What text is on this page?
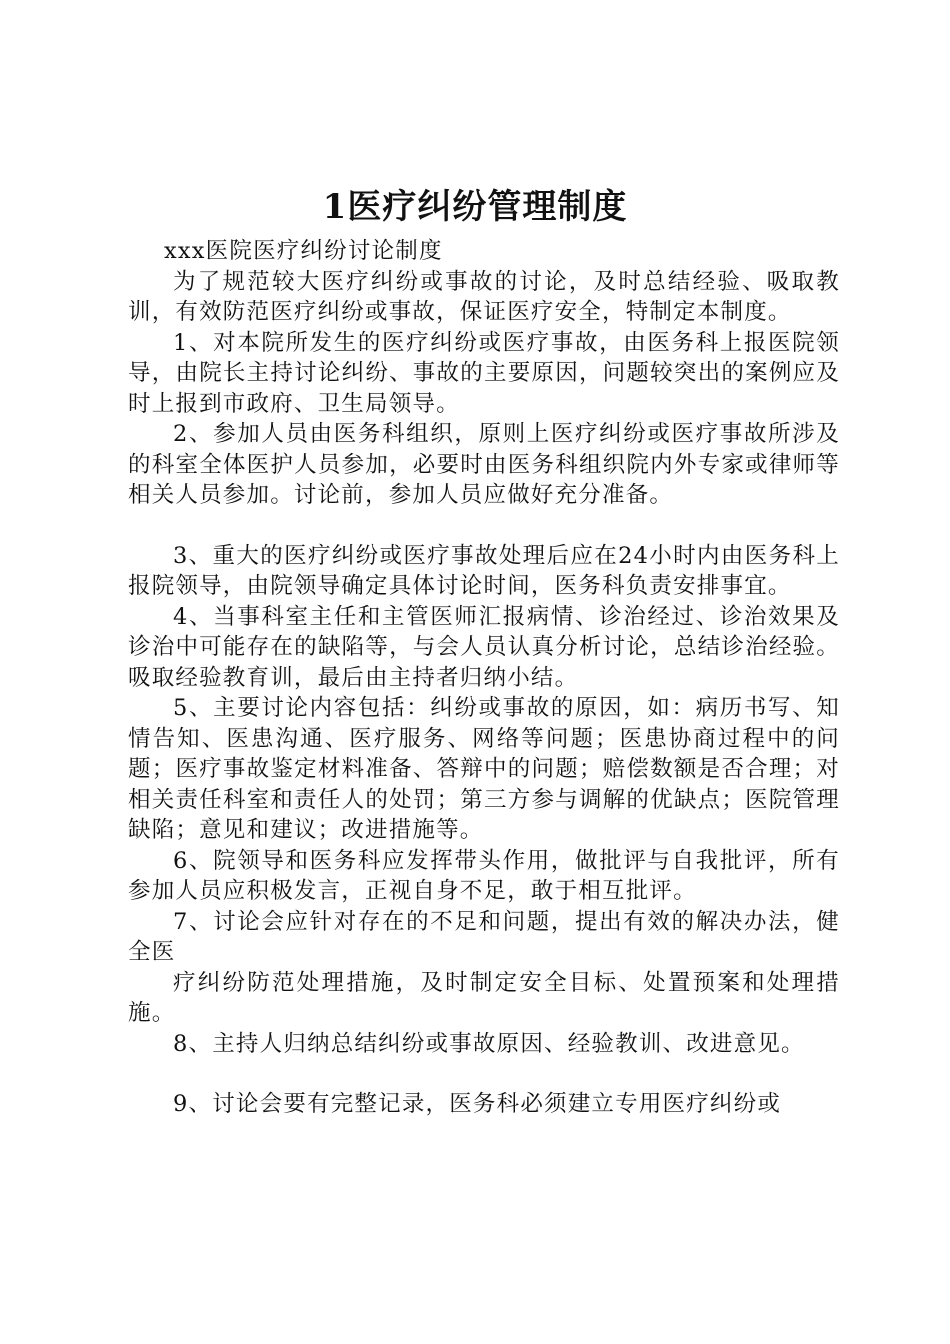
1医疗纠纷管理制度

xxx医院医疗纠纷讨论制度

为了规范较大医疗纠纷或事故的讨论，及时总结经验、吸取教训，有效防范医疗纠纷或事故，保证医疗安全，特制定本制度。

1、对本院所发生的医疗纠纷或医疗事故，由医务科上报医院领导，由院长主持讨论纠纷、事故的主要原因，问题较突出的案例应及时上报到市政府、卫生局领导。

2、参加人员由医务科组织，原则上医疗纠纷或医疗事故所涉及的科室全体医护人员参加，必要时由医务科组织院内外专家或律师等相关人员参加。讨论前，参加人员应做好充分准备。

3、重大的医疗纠纷或医疗事故处理后应在24小时内由医务科上报院领导，由院领导确定具体讨论时间，医务科负责安排事宜。

4、当事科室主任和主管医师汇报病情、诊治经过、诊治效果及诊治中可能存在的缺陷等，与会人员认真分析讨论，总结诊治经验。吸取经验教育训，最后由主持者归纳小结。

5、主要讨论内容包括：纠纷或事故的原因，如：病历书写、知情告知、医患沟通、医疗服务、网络等问题；医患协商过程中的问题；医疗事故鉴定材料准备、答辩中的问题；赔偿数额是否合理；对相关责任科室和责任人的处罚；第三方参与调解的优缺点；医院管理缺陷；意见和建议；改进措施等。

6、院领导和医务科应发挥带头作用，做批评与自我批评，所有参加人员应积极发言，正视自身不足，敢于相互批评。

7、讨论会应针对存在的不足和问题，提出有效的解决办法，健全医

疗纠纷防范处理措施，及时制定安全目标、处置预案和处理措施。

8、主持人归纳总结纠纷或事故原因、经验教训、改进意见。

9、讨论会要有完整记录，医务科必须建立专用医疗纠纷或
